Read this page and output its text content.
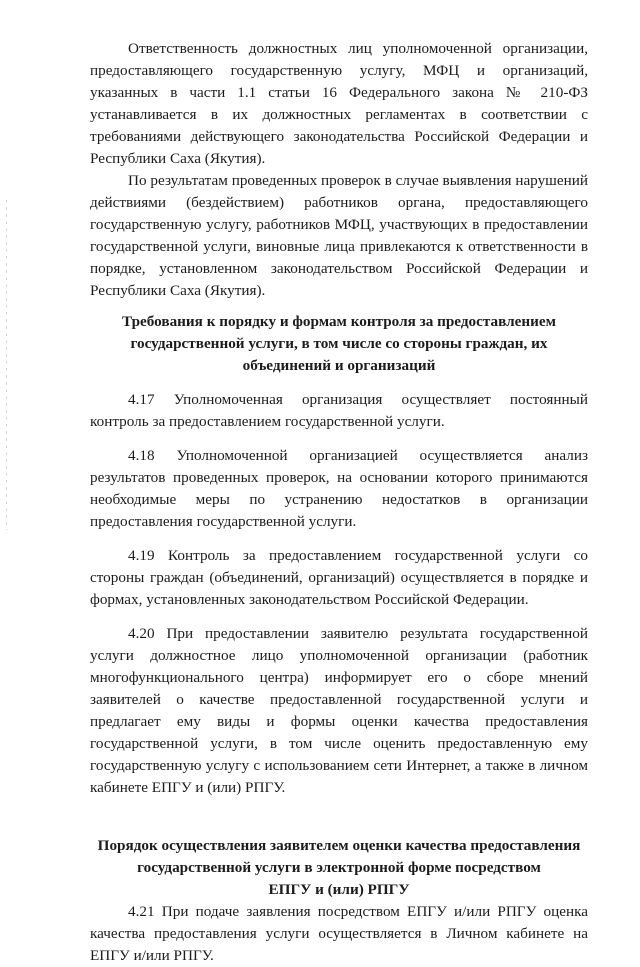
Ответственность должностных лиц уполномоченной организации, предоставляющего государственную услугу, МФЦ и организаций, указанных в части 1.1 статьи 16 Федерального закона № 210-ФЗ устанавливается в их должностных регламентах в соответствии с требованиями действующего законодательства Российской Федерации и Республики Саха (Якутия).

По результатам проведенных проверок в случае выявления нарушений действиями (бездействием) работников органа, предоставляющего государственную услугу, работников МФЦ, участвующих в предоставлении государственной услуги, виновные лица привлекаются к ответственности в порядке, установленном законодательством Российской Федерации и Республики Саха (Якутия).

Требования к порядку и формам контроля за предоставлением
государственной услуги, в том числе со стороны граждан, их
объединений и организаций

4.17 Уполномоченная организация осуществляет постоянный контроль за предоставлением государственной услуги.

4.18 Уполномоченной организацией осуществляется анализ результатов проведенных проверок, на основании которого принимаются необходимые меры по устранению недостатков в организации предоставления государственной услуги.

4.19 Контроль за предоставлением государственной услуги со стороны граждан (объединений, организаций) осуществляется в порядке и формах, установленных законодательством Российской Федерации.

4.20 При предоставлении заявителю результата государственной услуги должностное лицо уполномоченной организации (работник многофункционального центра) информирует его о сборе мнений заявителей о качестве предоставленной государственной услуги и предлагает ему виды и формы оценки качества предоставления государственной услуги, в том числе оценить предоставленную ему государственную услугу с использованием сети Интернет, а также в личном кабинете ЕПГУ и (или) РПГУ.

Порядок осуществления заявителем оценки качества предоставления
государственной услуги в электронной форме посредством
ЕПГУ и (или) РПГУ

4.21 При подаче заявления посредством ЕПГУ и/или РПГУ оценка качества предоставления услуги осуществляется в Личном кабинете на ЕПГУ и/или РПГУ.
